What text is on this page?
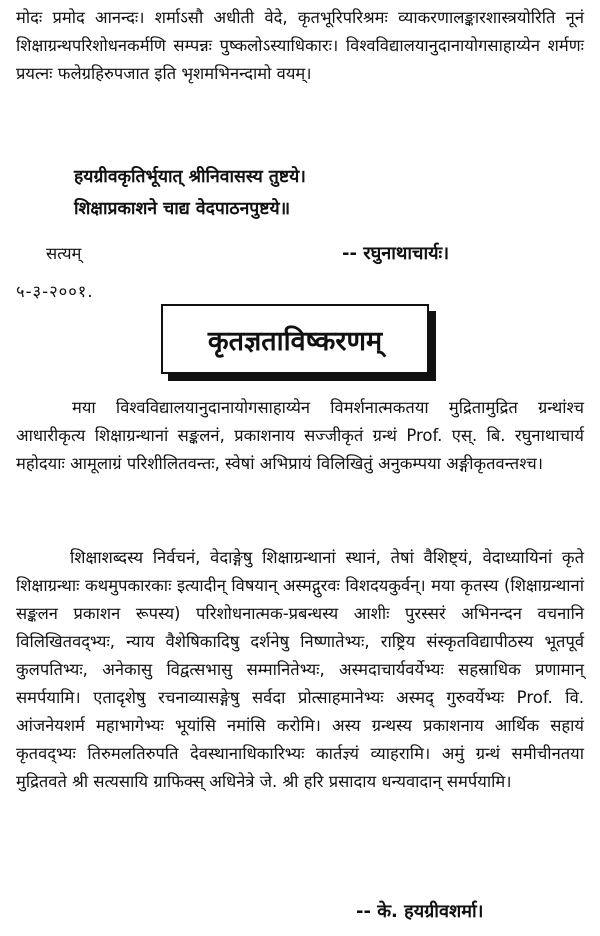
मोदः प्रमोद आनन्दः। शर्माऽसौ अधीती वेदे, कृतभूरिपरिश्रमः व्याकरणालङ्कारशास्त्रयोरिति नूनं शिक्षाग्रन्थपरिशोधनकर्मणि सम्पन्नः पुष्कलोऽस्याधिकारः। विश्वविद्यालयानुदानायोगसाहाय्येन शर्मणः प्रयत्नः फलेग्रहिरुपजात इति भृशमभिनन्दामो वयम्।

हयग्रीवकृतिर्भूयात् श्रीनिवासस्य तुष्टये।
शिक्षाप्रकाशने चाद्य वेदपाठनपुष्टये॥
सत्यम्	-- रघुनाथाचार्यः।
५-३-२००१.
कृतज्ञताविष्करणम्

मया विश्वविद्यालयानुदानायोगसाहाय्येन विमर्शनात्मकतया मुद्रितामुद्रित ग्रन्थांश्च आधारीकृत्य शिक्षाग्रन्थानां सङ्कलनं, प्रकाशनाय सज्जीकृतं ग्रन्थं Prof. एस्. बि. रघुनाथाचार्य महोदयाः आमूलाग्रं परिशीलितवन्तः, स्वेषां अभिप्रायं विलिखितुं अनुकम्पया अङ्गीकृतवन्तश्च।

शिक्षाशब्दस्य निर्वचनं, वेदाङ्गेषु शिक्षाग्रन्थानां स्थानं, तेषां वैशिष्ट्यं, वेदाध्यायिनां कृते शिक्षाग्रन्थाः कथमुपकारकाः इत्यादीन् विषयान् अस्मद्गुरवः विशदयकुर्वन्। मया कृतस्य (शिक्षाग्रन्थानां सङ्कलन प्रकाशन रूपस्य) परिशोधनात्मक-प्रबन्धस्य आशीः पुरस्सरं अभिनन्दन वचनानि विलिखितवद्भ्यः, न्याय वैशेषिकादिषु दर्शनेषु निष्णातेभ्यः, राष्ट्रिय संस्कृतविद्यापीठस्य भूतपूर्व कुलपतिभ्यः, अनेकासु विद्वत्सभासु सम्मानितेभ्यः, अस्मदाचार्यवर्येभ्यः सहस्राधिक प्रणामान् समर्पयामि। एतादृशेषु रचनाव्यासङ्गेषु सर्वदा प्रोत्साहमानेभ्यः अस्मद् गुरुवर्येभ्यः Prof. वि. आंजनेयशर्म महाभागेभ्यः भूयांसि नमांसि करोमि। अस्य ग्रन्थस्य प्रकाशनाय आर्थिक सहायं कृतवद्भ्यः तिरुमलतिरुपति देवस्थानाधिकारिभ्यः कार्तज्ञ्यं व्याहरामि। अमुं ग्रन्थं समीचीनतया मुद्रितवते श्री सत्यसायि ग्राफिक्स् अधिनेत्रे जे. श्री हरि प्रसादाय धन्यवादान् समर्पयामि।

-- के. हयग्रीवशर्मा।
